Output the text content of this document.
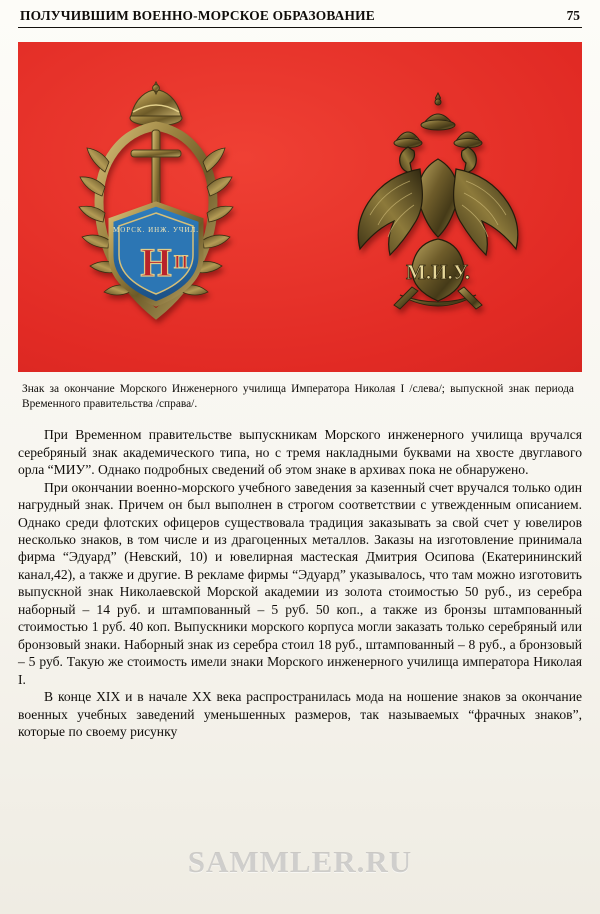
ПОЛУЧИВШИМ ВОЕННО-МОРСКОЕ ОБРАЗОВАНИЕ	75
МОРСК. ИНЖ. УЧИЛ.
Н II	М.И.У.
Знак за окончание Морского Инженерного училища Императора Николая I /слева/; выпускной знак периода Временного правительства /справа/.

При Временном правительстве выпускникам Морского инженерного училища вручался серебряный знак академического типа, но с тремя накладными буквами на хвосте двуглавого орла “МИУ”. Однако подробных сведений об этом знаке в архивах пока не обнаружено.

При окончании военно-морского учебного заведения за казенный счет вручался только один нагрудный знак. Причем он был выполнен в строгом соответствии с утвежденным описанием. Однако среди флотских офицеров существовала традиция заказывать за свой счет у ювелиров несколько знаков, в том числе и из драгоценных металлов. Заказы на изготовление принимала фирма “Эдуард” (Невский, 10) и ювелирная мастеская Дмитрия Осипова (Екатерининский канал,42), а также и другие. В рекламе фирмы “Эдуард” указывалось, что там можно изготовить выпускной знак Николаевской Морской академии из золота стоимостью 50 руб., из серебра наборный – 14 руб. и штампованный – 5 руб. 50 коп., а также из бронзы штампованный стоимостью 1 руб. 40 коп. Выпускники морского корпуса могли заказать только серебряный или бронзовый знаки. Наборный знак из серебра стоил 18 руб., штампованный – 8 руб., а бронзовый – 5 руб. Такую же стоимость имели знаки Морского инженерного училища императора Николая I.

В конце XIX и в начале XX века распространилась мода на ношение знаков за окончание военных учебных заведений уменьшенных размеров, так называемых “фрачных знаков”, которые по своему рисунку

SAMMLER.RU
